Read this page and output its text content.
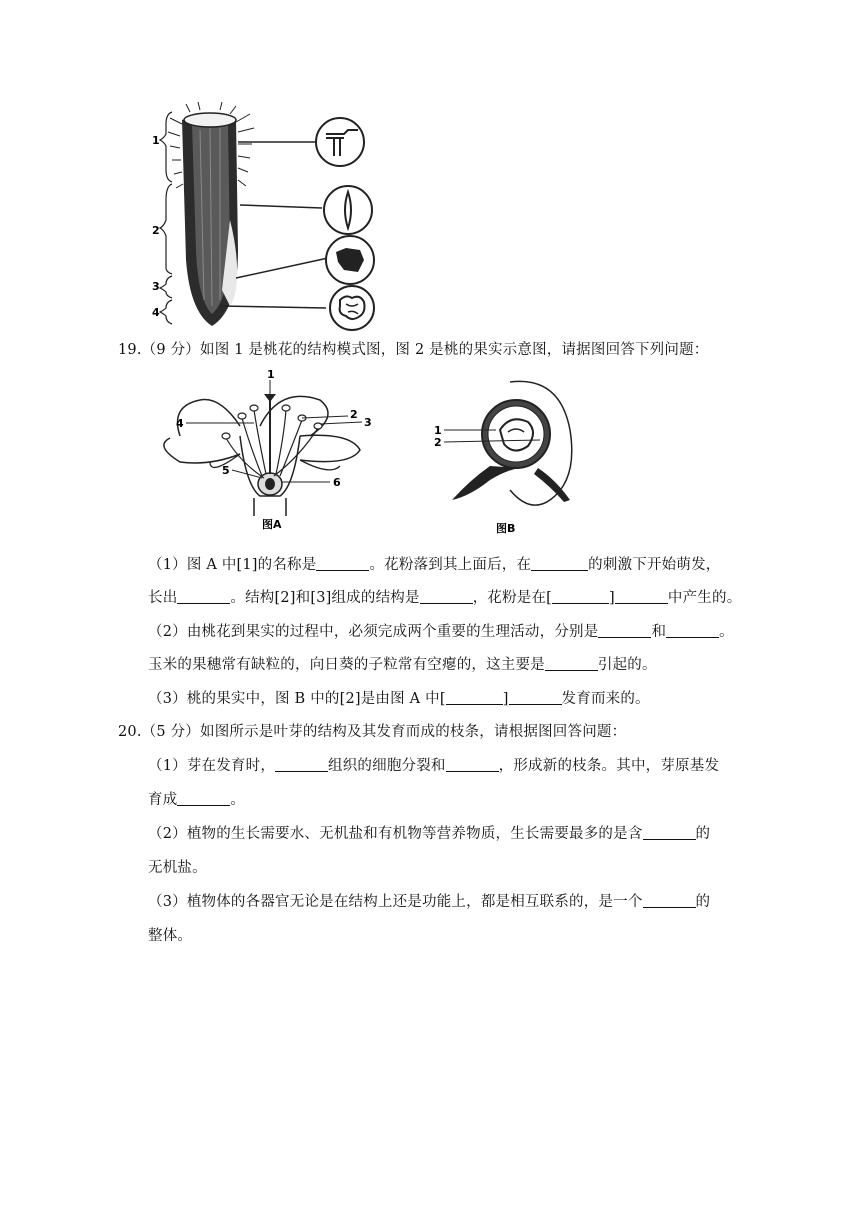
1
2
3
4
19.（9 分）如图 1 是桃花的结构模式图，图 2 是桃的果实示意图，请据图回答下列问题：
1
2
3
4
5
6
图A
1
2
图B
（1）图 A 中[1]的名称是	。花粉落到其上面后，在	的刺激下开始萌发，
长出	。结构[2]和[3]组成的结构是	，花粉是在[	]	中产生的。
（2）由桃花到果实的过程中，必须完成两个重要的生理活动，分别是	和	。
玉米的果穗常有缺粒的，向日葵的子粒常有空瘪的，这主要是	引起的。
（3）桃的果实中，图 B 中的[2]是由图 A 中[	]	发育而来的。
20.（5 分）如图所示是叶芽的结构及其发育而成的枝条，请根据图回答问题：
（1）芽在发育时，	组织的细胞分裂和	，形成新的枝条。其中，芽原基发
育成	。
（2）植物的生长需要水、无机盐和有机物等营养物质，生长需要最多的是含	的
无机盐。
（3）植物体的各器官无论是在结构上还是功能上，都是相互联系的，是一个	的
整体。
